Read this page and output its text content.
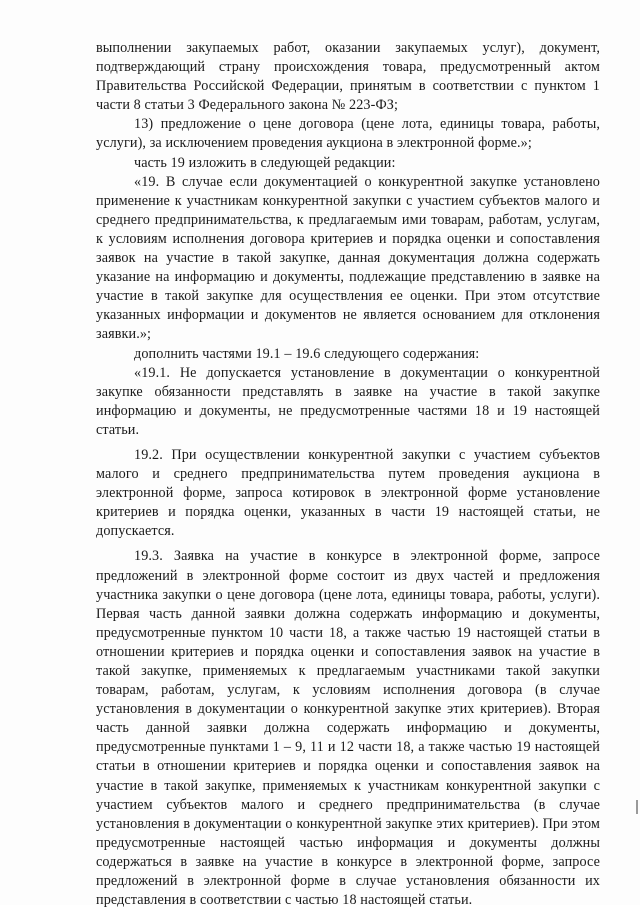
выполнении закупаемых работ, оказании закупаемых услуг), документ, подтверждающий страну происхождения товара, предусмотренный актом Правительства Российской Федерации, принятым в соответствии с пунктом 1 части 8 статьи 3 Федерального закона № 223-ФЗ;

13) предложение о цене договора (цене лота, единицы товара, работы, услуги), за исключением проведения аукциона в электронной форме.»;

часть 19 изложить в следующей редакции:

«19. В случае если документацией о конкурентной закупке установлено применение к участникам конкурентной закупки с участием субъектов малого и среднего предпринимательства, к предлагаемым ими товарам, работам, услугам, к условиям исполнения договора критериев и порядка оценки и сопоставления заявок на участие в такой закупке, данная документация должна содержать указание на информацию и документы, подлежащие представлению в заявке на участие в такой закупке для осуществления ее оценки. При этом отсутствие указанных информации и документов не является основанием для отклонения заявки.»;

дополнить частями 19.1 – 19.6 следующего содержания:

«19.1. Не допускается установление в документации о конкурентной закупке обязанности представлять в заявке на участие в такой закупке информацию и документы, не предусмотренные частями 18 и 19 настоящей статьи.

19.2. При осуществлении конкурентной закупки с участием субъектов малого и среднего предпринимательства путем проведения аукциона в электронной форме, запроса котировок в электронной форме установление критериев и порядка оценки, указанных в части 19 настоящей статьи, не допускается.

19.3. Заявка на участие в конкурсе в электронной форме, запросе предложений в электронной форме состоит из двух частей и предложения участника закупки о цене договора (цене лота, единицы товара, работы, услуги). Первая часть данной заявки должна содержать информацию и документы, предусмотренные пунктом 10 части 18, а также частью 19 настоящей статьи в отношении критериев и порядка оценки и сопоставления заявок на участие в такой закупке, применяемых к предлагаемым участниками такой закупки товарам, работам, услугам, к условиям исполнения договора (в случае установления в документации о конкурентной закупке этих критериев). Вторая часть данной заявки должна содержать информацию и документы, предусмотренные пунктами 1 – 9, 11 и 12 части 18, а также частью 19 настоящей статьи в отношении критериев и порядка оценки и сопоставления заявок на участие в такой закупке, применяемых к участникам конкурентной закупки с участием субъектов малого и среднего предпринимательства (в случае установления в документации о конкурентной закупке этих критериев). При этом предусмотренные настоящей частью информация и документы должны содержаться в заявке на участие в конкурсе в электронной форме, запросе предложений в электронной форме в случае установления обязанности их представления в соответствии с частью 18 настоящей статьи.
